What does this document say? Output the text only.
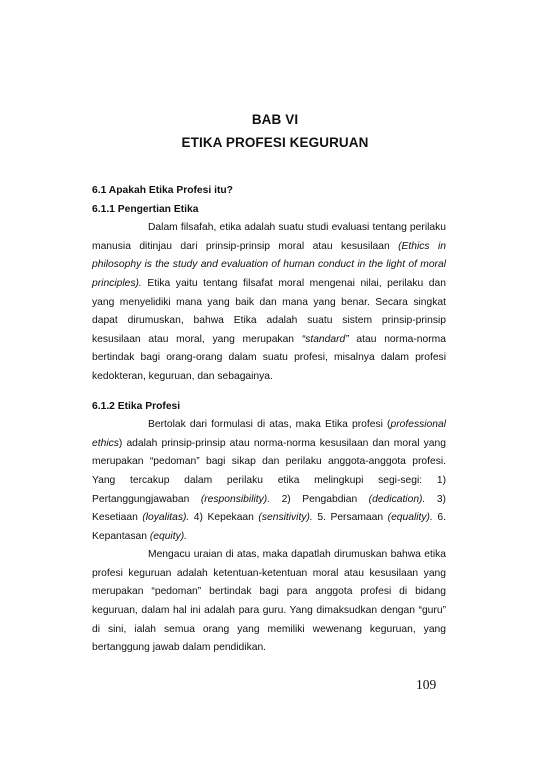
BAB VI
ETIKA PROFESI KEGURUAN
6.1 Apakah Etika Profesi itu?
6.1.1 Pengertian Etika

Dalam filsafah, etika adalah suatu studi evaluasi tentang perilaku manusia ditinjau dari prinsip-prinsip moral atau kesusilaan (Ethics in philosophy is the study and evaluation of human conduct in the light of moral principles). Etika yaitu tentang filsafat moral mengenai nilai, perilaku dan yang menyelidiki mana yang baik dan mana yang benar. Secara singkat dapat dirumuskan, bahwa Etika adalah suatu sistem prinsip-prinsip kesusilaan atau moral, yang merupakan “standard” atau norma-norma bertindak bagi orang-orang dalam suatu profesi, misalnya dalam profesi kedokteran, keguruan, dan sebagainya.

6.1.2 Etika Profesi

Bertolak dari formulasi di atas, maka Etika profesi (professional ethics) adalah prinsip-prinsip atau norma-norma kesusilaan dan moral yang merupakan “pedoman” bagi sikap dan perilaku anggota-anggota profesi. Yang tercakup dalam perilaku etika melingkupi segi-segi: 1) Pertanggungjawaban (responsibility). 2) Pengabdian (dedication). 3) Kesetiaan (loyalitas). 4) Kepekaan (sensitivity). 5. Persamaan (equality). 6. Kepantasan (equity).

Mengacu uraian di atas, maka dapatlah dirumuskan bahwa etika profesi keguruan adalah ketentuan-ketentuan moral atau kesusilaan yang merupakan “pedoman” bertindak bagi para anggota profesi di bidang keguruan, dalam hal ini adalah para guru. Yang dimaksudkan dengan “guru” di sini, ialah semua orang yang memiliki wewenang keguruan, yang bertanggung jawab dalam pendidikan.

109
